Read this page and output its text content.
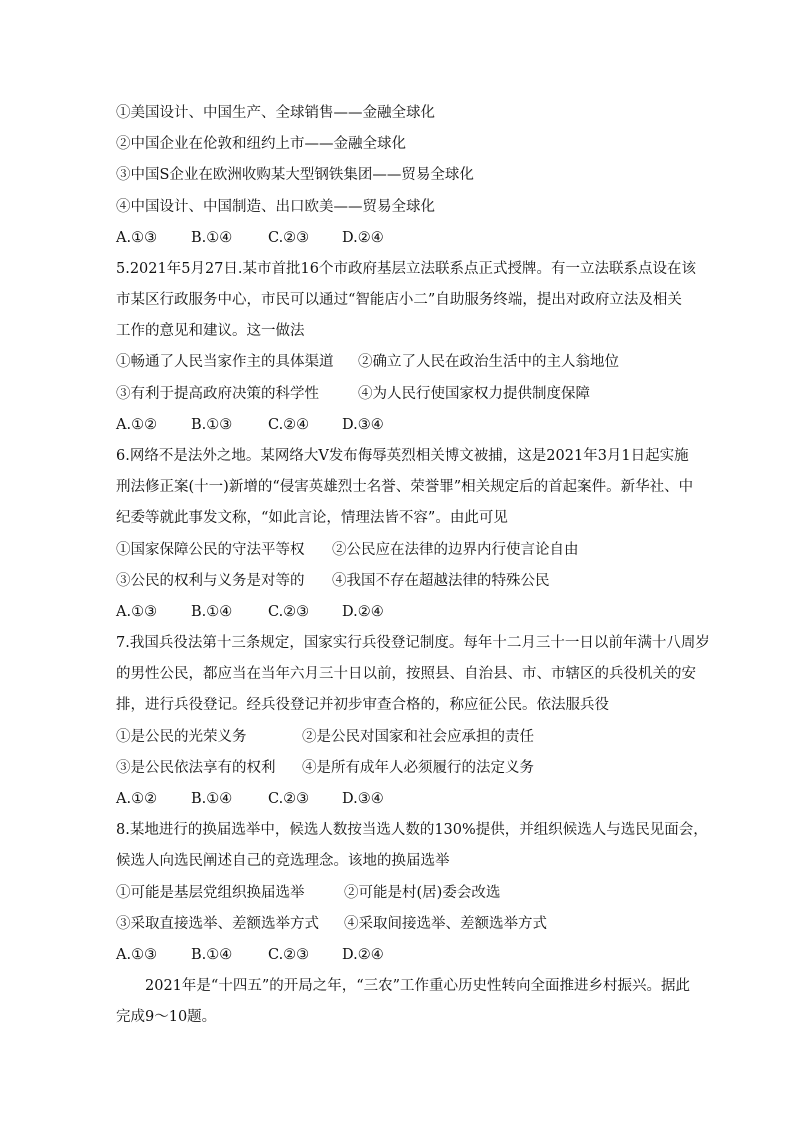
①美国设计、中国生产、全球销售——金融全球化
②中国企业在伦敦和纽约上市——金融全球化
③中国S企业在欧洲收购某大型钢铁集团——贸易全球化
④中国设计、中国制造、出口欧美——贸易全球化
A.①③ B.①④ C.②③ D.②④
5.2021年5月27日.某市首批16个市政府基层立法联系点正式授牌。有一立法联系点设在该
市某区行政服务中心，市民可以通过“智能店小二”自助服务终端，提出对政府立法及相关
工作的意见和建议。这一做法
①畅通了人民当家作主的具体渠道 ②确立了人民在政治生活中的主人翁地位
③有利于提高政府决策的科学性	④为人民行使国家权力提供制度保障
A.①② B.①③ C.②④ D.③④
6.网络不是法外之地。某网络大V发布侮辱英烈相关博文被捕，这是2021年3月1日起实施
刑法修正案(十一)新增的“侵害英雄烈士名誉、荣誉罪”相关规定后的首起案件。新华社、中
纪委等就此事发文称，“如此言论，情理法皆不容”。由此可见
①国家保障公民的守法平等权 ②公民应在法律的边界内行使言论自由
③公民的权利与义务是对等的 ④我国不存在超越法律的特殊公民
A.①③ B.①④ C.②③ D.②④
7.我国兵役法第十三条规定，国家实行兵役登记制度。每年十二月三十一日以前年满十八周岁
的男性公民，都应当在当年六月三十日以前，按照县、自治县、市、市辖区的兵役机关的安
排，进行兵役登记。经兵役登记并初步审查合格的，称应征公民。依法服兵役
①是公民的光荣义务	②是公民对国家和社会应承担的责任
③是公民依法享有的权利 ④是所有成年人必须履行的法定义务
A.①② B.①④ C.②③ D.③④
8.某地进行的换届选举中，候选人数按当选人数的130%提供，并组织候选人与选民见面会，
候选人向选民阐述自己的竞选理念。该地的换届选举
①可能是基层党组织换届选举	②可能是村(居)委会改选
③采取直接选举、差额选举方式 ④采取间接选举、差额选举方式
A.①③ B.①④ C.②③ D.②④
2021年是“十四五”的开局之年，“三农”工作重心历史性转向全面推进乡村振兴。据此
完成9～10题。
